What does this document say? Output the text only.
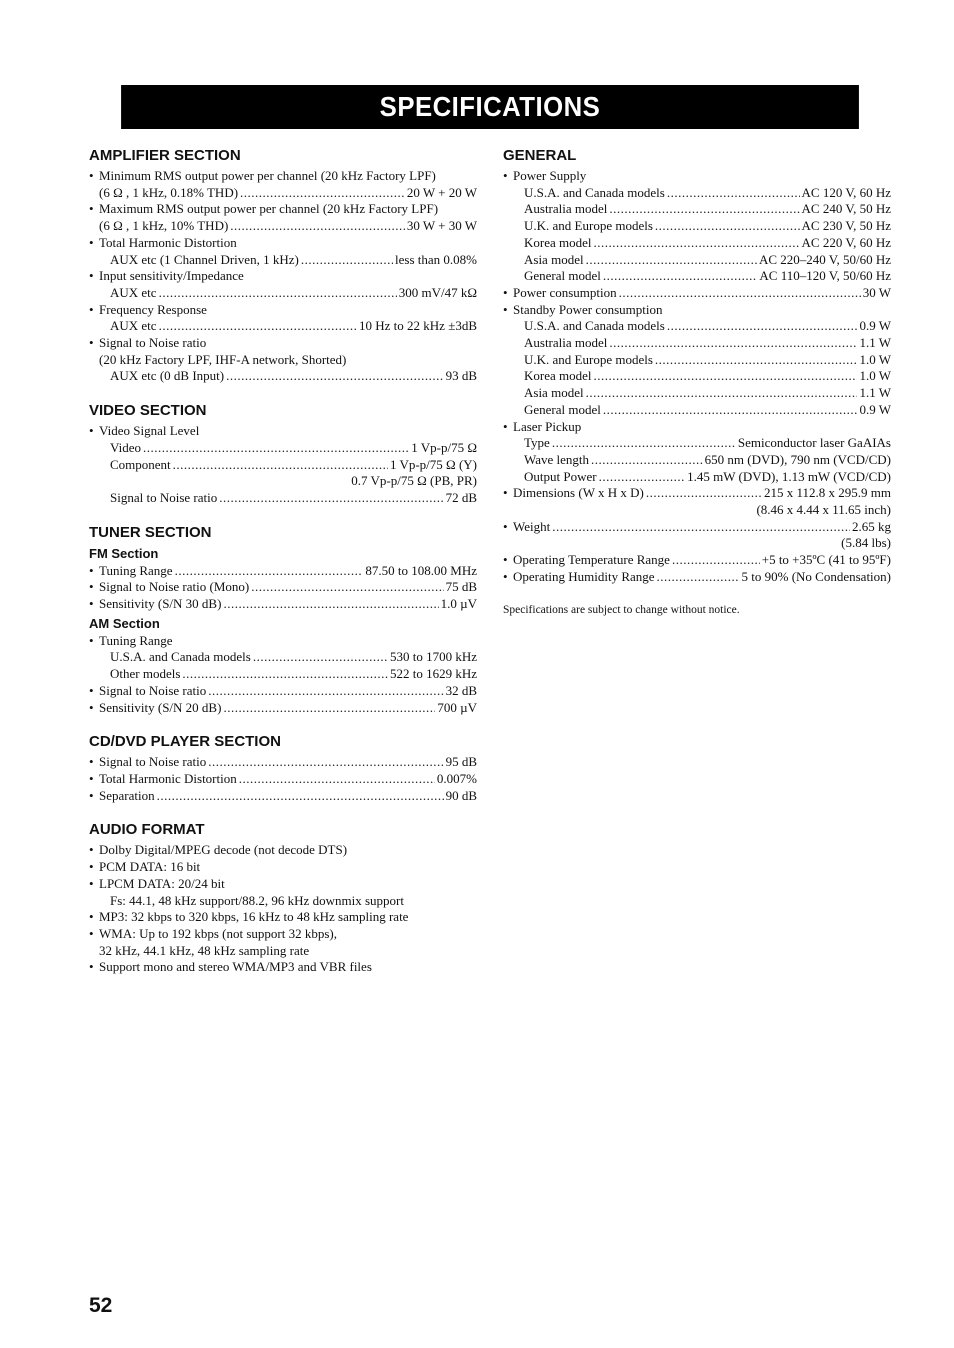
SPECIFICATIONS
AMPLIFIER SECTION
• Minimum RMS output power per channel (20 kHz Factory LPF)
(6 Ω , 1 kHz, 0.18% THD) .....	20 W + 20 W
• Maximum RMS output power per channel (20 kHz Factory LPF)
(6 Ω , 1 kHz, 10% THD) .....	30 W + 30 W
• Total Harmonic Distortion
AUX etc (1 Channel Driven, 1 kHz) .....	less than 0.08%
• Input sensitivity/Impedance
AUX etc .....	300 mV/47 kΩ
• Frequency Response
AUX etc .....	10 Hz to 22 kHz ±3dB
• Signal to Noise ratio
(20 kHz Factory LPF, IHF-A network, Shorted)
AUX etc (0 dB Input) .....	93 dB
VIDEO SECTION
• Video Signal Level
Video .....	1 Vp-p/75 Ω
Component .....	1 Vp-p/75 Ω (Y)
0.7 Vp-p/75 Ω (PB, PR)
Signal to Noise ratio .....	72 dB
TUNER SECTION
FM Section
• Tuning Range .....	87.50 to 108.00 MHz
• Signal to Noise ratio (Mono) .....	75 dB
• Sensitivity (S/N 30 dB) .....	1.0 µV
AM Section
• Tuning Range
U.S.A. and Canada models .....	530 to 1700 kHz
Other models .....	522 to 1629 kHz
• Signal to Noise ratio .....	32 dB
• Sensitivity (S/N 20 dB) .....	700 µV
CD/DVD PLAYER SECTION
• Signal to Noise ratio .....	95 dB
• Total Harmonic Distortion .....	0.007%
• Separation .....	90 dB
AUDIO FORMAT
• Dolby Digital/MPEG decode (not decode DTS)
• PCM DATA: 16 bit
• LPCM DATA: 20/24 bit
Fs: 44.1, 48 kHz support/88.2, 96 kHz downmix support
• MP3: 32 kbps to 320 kbps, 16 kHz to 48 kHz sampling rate
• WMA: Up to 192 kbps (not support 32 kbps),
32 kHz, 44.1 kHz, 48 kHz sampling rate
• Support mono and stereo WMA/MP3 and VBR files
GENERAL
• Power Supply
U.S.A. and Canada models .....	AC 120 V, 60 Hz
Australia model .....	AC 240 V, 50 Hz
U.K. and Europe models .....	AC 230 V, 50 Hz
Korea model .....	AC 220 V, 60 Hz
Asia model .....	AC 220–240 V, 50/60 Hz
General model .....	AC 110–120 V, 50/60 Hz
• Power consumption .....	30 W
• Standby Power consumption
U.S.A. and Canada models .....	0.9 W
Australia model .....	1.1 W
U.K. and Europe models .....	1.0 W
Korea model .....	1.0 W
Asia model .....	1.1 W
General model .....	0.9 W
• Laser Pickup
Type .....	Semiconductor laser GaAIAs
Wave length .....	650 nm (DVD), 790 nm (VCD/CD)
Output Power .....	1.45 mW (DVD), 1.13 mW (VCD/CD)
• Dimensions (W x H x D) .....	215 x 112.8 x 295.9 mm
(8.46 x 4.44 x 11.65 inch)
• Weight .....	2.65 kg
(5.84 lbs)
• Operating Temperature Range .....	+5 to +35ºC (41 to 95ºF)
• Operating Humidity Range .....	5 to 90% (No Condensation)
Specifications are subject to change without notice.
52
